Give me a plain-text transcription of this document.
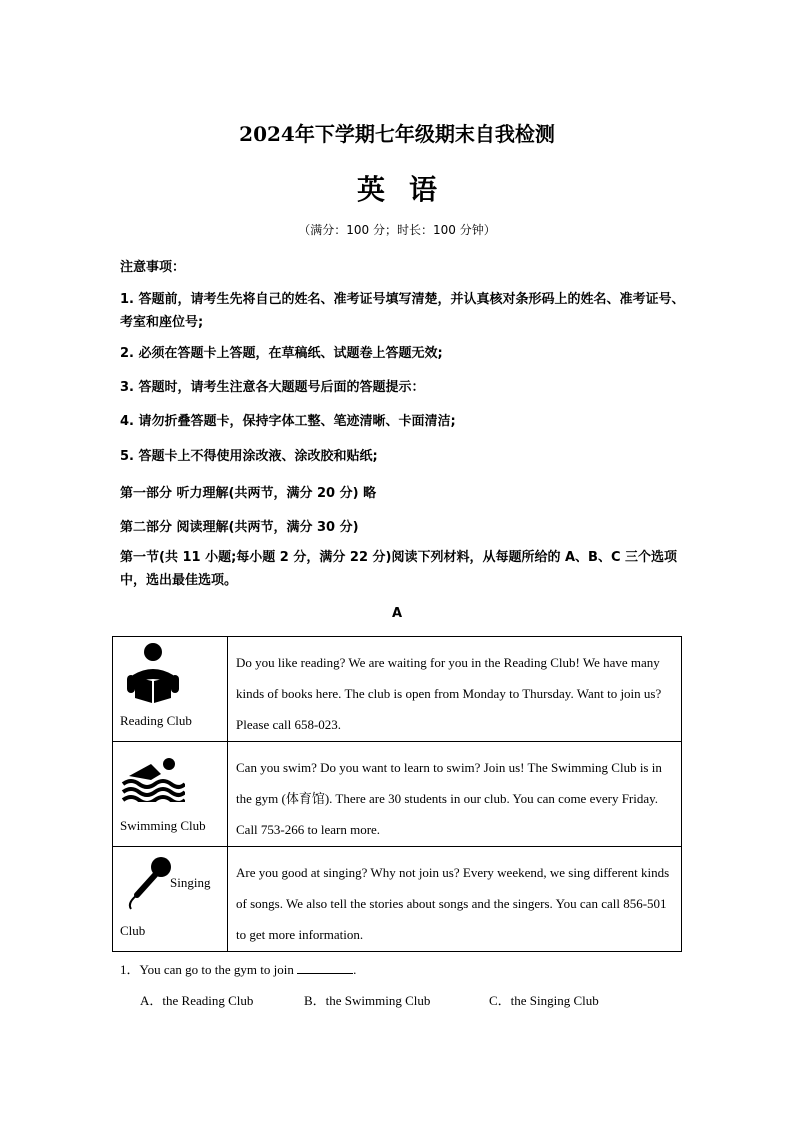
2024年下学期七年级期末自我检测
英语
（满分：100 分；时长：100 分钟）
注意事项：
1. 答题前，请考生先将自己的姓名、准考证号填写清楚，并认真核对条形码上的姓名、准考证号、考室和座位号;
2. 必须在答题卡上答题，在草稿纸、试题卷上答题无效;
3. 答题时，请考生注意各大题题号后面的答题提示：
4. 请勿折叠答题卡，保持字体工整、笔迹清晰、卡面清洁;
5. 答题卡上不得使用涂改液、涂改胶和贴纸;
第一部分 听力理解(共两节，满分 20 分) 略
第二部分 阅读理解(共两节，满分 30 分)
第一节(共 11 小题;每小题 2 分，满分 22 分)阅读下列材料，从每题所给的 A、B、C 三个选项中，选出最佳选项。
A
Reading Club	Do you like reading? We are waiting for you in the Reading Club! We have many kinds of books here. The club is open from Monday to Thursday. Want to join us? Please call 658-023.

Swimming Club	Can you swim? Do you want to learn to swim? Join us! The Swimming Club is in the gym (体育馆). There are 30 students in our club. You can come every Friday. Call 753-266 to learn more.

Singing
Club	Are you good at singing? Why not join us? Every weekend, we sing different kinds of songs. We also tell the stories about songs and the singers. You can call 856-501 to get more information.
1．You can go to the gym to join	.
A．the Reading Club	B．the Swimming Club	C．the Singing Club
